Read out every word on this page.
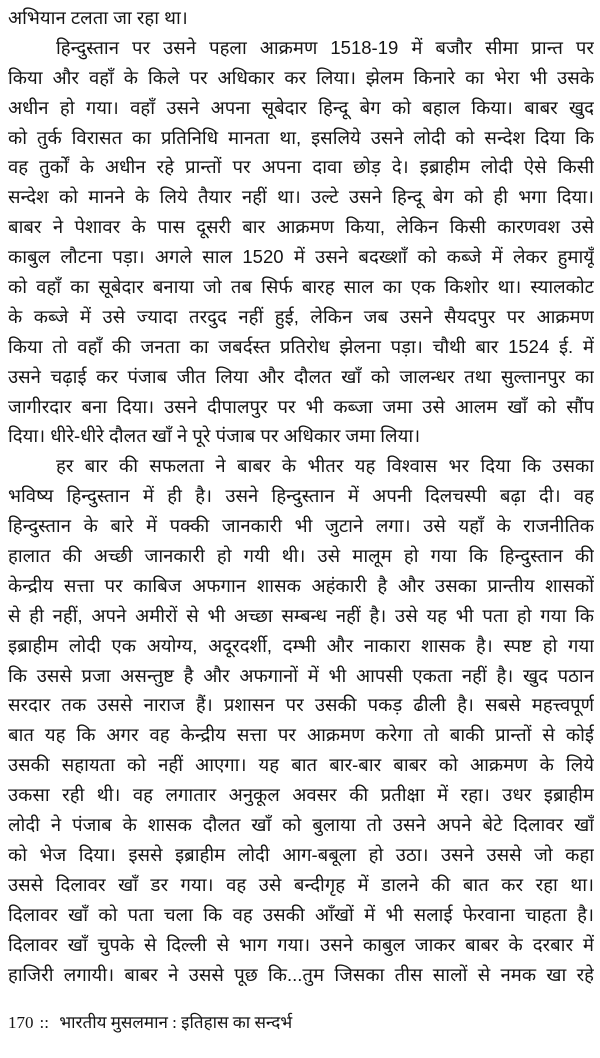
अभियान टलता जा रहा था।
हिन्दुस्तान पर उसने पहला आक्रमण 1518-19 में बजौर सीमा प्रान्त पर
किया और वहाँ के किले पर अधिकार कर लिया। झेलम किनारे का भेरा भी उसके
अधीन हो गया। वहाँ उसने अपना सूबेदार हिन्दू बेग को बहाल किया। बाबर खुद
को तुर्क विरासत का प्रतिनिधि मानता था, इसलिये उसने लोदी को सन्देश दिया कि
वह तुर्कों के अधीन रहे प्रान्तों पर अपना दावा छोड़ दे। इब्राहीम लोदी ऐसे किसी
सन्देश को मानने के लिये तैयार नहीं था। उल्टे उसने हिन्दू बेग को ही भगा दिया।
बाबर ने पेशावर के पास दूसरी बार आक्रमण किया, लेकिन किसी कारणवश उसे
काबुल लौटना पड़ा। अगले साल 1520 में उसने बदख्शाँ को कब्जे में लेकर हुमायूँ
को वहाँ का सूबेदार बनाया जो तब सिर्फ बारह साल का एक किशोर था। स्यालकोट
के कब्जे में उसे ज्यादा तरदुद नहीं हुई, लेकिन जब उसने सैयदपुर पर आक्रमण
किया तो वहाँ की जनता का जबर्दस्त प्रतिरोध झेलना पड़ा। चौथी बार 1524 ई. में
उसने चढ़ाई कर पंजाब जीत लिया और दौलत खाँ को जालन्धर तथा सुल्तानपुर का
जागीरदार बना दिया। उसने दीपालपुर पर भी कब्जा जमा उसे आलम खाँ को सौंप
दिया। धीरे-धीरे दौलत खाँ ने पूरे पंजाब पर अधिकार जमा लिया।
हर बार की सफलता ने बाबर के भीतर यह विश्वास भर दिया कि उसका
भविष्य हिन्दुस्तान में ही है। उसने हिन्दुस्तान में अपनी दिलचस्पी बढ़ा दी। वह
हिन्दुस्तान के बारे में पक्की जानकारी भी जुटाने लगा। उसे यहाँ के राजनीतिक
हालात की अच्छी जानकारी हो गयी थी। उसे मालूम हो गया कि हिन्दुस्तान की
केन्द्रीय सत्ता पर काबिज अफगान शासक अहंकारी है और उसका प्रान्तीय शासकों
से ही नहीं, अपने अमीरों से भी अच्छा सम्बन्ध नहीं है। उसे यह भी पता हो गया कि
इब्राहीम लोदी एक अयोग्य, अदूरदर्शी, दम्भी और नाकारा शासक है। स्पष्ट हो गया
कि उससे प्रजा असन्तुष्ट है और अफगानों में भी आपसी एकता नहीं है। खुद पठान
सरदार तक उससे नाराज हैं। प्रशासन पर उसकी पकड़ ढीली है। सबसे महत्त्वपूर्ण
बात यह कि अगर वह केन्द्रीय सत्ता पर आक्रमण करेगा तो बाकी प्रान्तों से कोई
उसकी सहायता को नहीं आएगा। यह बात बार-बार बाबर को आक्रमण के लिये
उकसा रही थी। वह लगातार अनुकूल अवसर की प्रतीक्षा में रहा। उधर इब्राहीम
लोदी ने पंजाब के शासक दौलत खाँ को बुलाया तो उसने अपने बेटे दिलावर खाँ
को भेज दिया। इससे इब्राहीम लोदी आग-बबूला हो उठा। उसने उससे जो कहा
उससे दिलावर खाँ डर गया। वह उसे बन्दीगृह में डालने की बात कर रहा था।
दिलावर खाँ को पता चला कि वह उसकी आँखों में भी सलाई फेरवाना चाहता है।
दिलावर खाँ चुपके से दिल्ली से भाग गया। उसने काबुल जाकर बाबर के दरबार में
हाजिरी लगायी। बाबर ने उससे पूछ कि...तुम जिसका तीस सालों से नमक खा रहे
170 :: भारतीय मुसलमान : इतिहास का सन्दर्भ
